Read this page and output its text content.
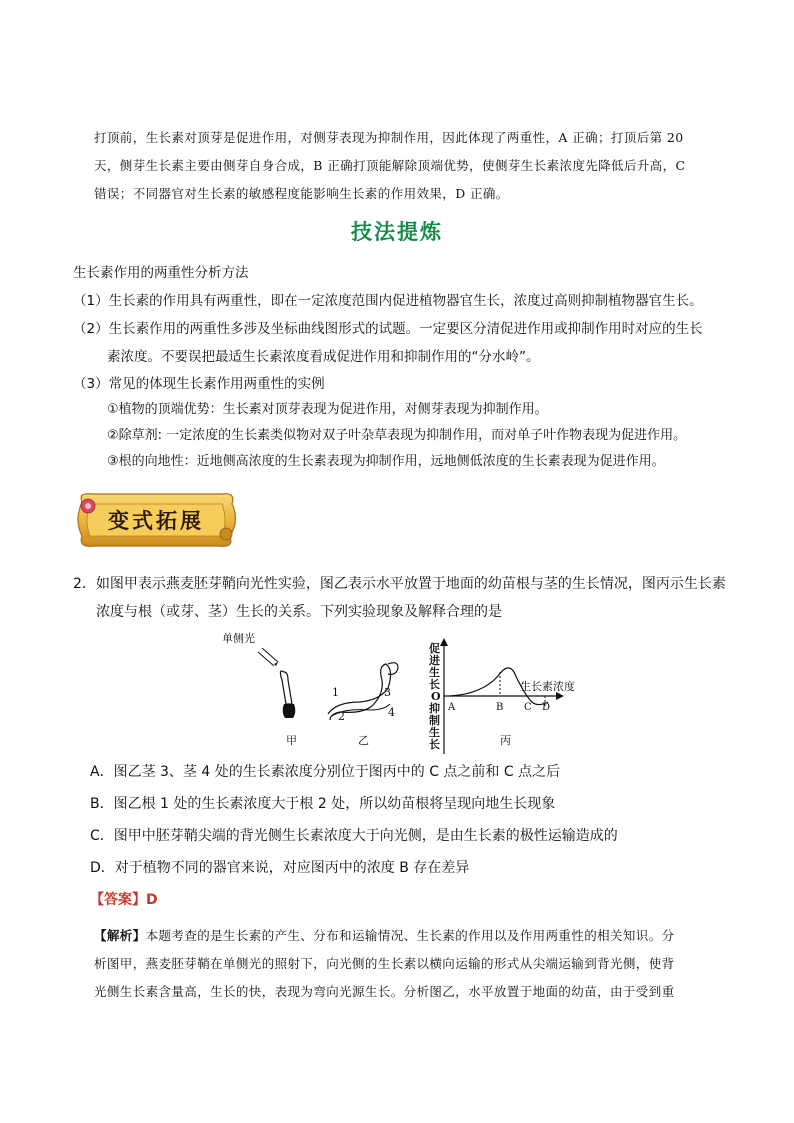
打顶前，生长素对顶芽是促进作用，对侧芽表现为抑制作用，因此体现了两重性，A 正确；打顶后第 20
天，侧芽生长素主要由侧芽自身合成，B 正确打顶能解除顶端优势，使侧芽生长素浓度先降低后升高，C
错误；不同器官对生长素的敏感程度能影响生长素的作用效果，D 正确。
技法提炼
生长素作用的两重性分析方法
（1）生长素的作用具有两重性，即在一定浓度范围内促进植物器官生长，浓度过高则抑制植物器官生长。
（2）生长素作用的两重性多涉及坐标曲线图形式的试题。一定要区分清促进作用或抑制作用时对应的生长
素浓度。不要误把最适生长素浓度看成促进作用和抑制作用的“分水岭”。
（3）常见的体现生长素作用两重性的实例
①植物的顶端优势：生长素对顶芽表现为促进作用，对侧芽表现为抑制作用。
②除草剂: 一定浓度的生长素类似物对双子叶杂草表现为抑制作用，而对单子叶作物表现为促进作用。
③根的向地性：近地侧高浓度的生长素表现为抑制作用，远地侧低浓度的生长素表现为促进作用。
变式拓展
2．如图甲表示燕麦胚芽鞘向光性实验，图乙表示水平放置于地面的幼苗根与茎的生长情况，图丙示生长素
浓度与根（或芽、茎）生长的关系。下列实验现象及解释合理的是
单侧光
甲
1
2
3
4
乙
促
进
生
长
O
抑
制
生
长
生长素浓度
A	B C D
丙
A．图乙茎 3、茎 4 处的生长素浓度分别位于图丙中的 C 点之前和 C 点之后
B．图乙根 1 处的生长素浓度大于根 2 处，所以幼苗根将呈现向地生长现象
C．图甲中胚芽鞘尖端的背光侧生长素浓度大于向光侧，是由生长素的极性运输造成的
D．对于植物不同的器官来说，对应图丙中的浓度 B 存在差异
【答案】D
【解析】本题考查的是生长素的产生、分布和运输情况、生长素的作用以及作用两重性的相关知识。分
析图甲，燕麦胚芽鞘在单侧光的照射下，向光侧的生长素以横向运输的形式从尖端运输到背光侧，使背
光侧生长素含量高，生长的快，表现为弯向光源生长。分析图乙，水平放置于地面的幼苗，由于受到重
